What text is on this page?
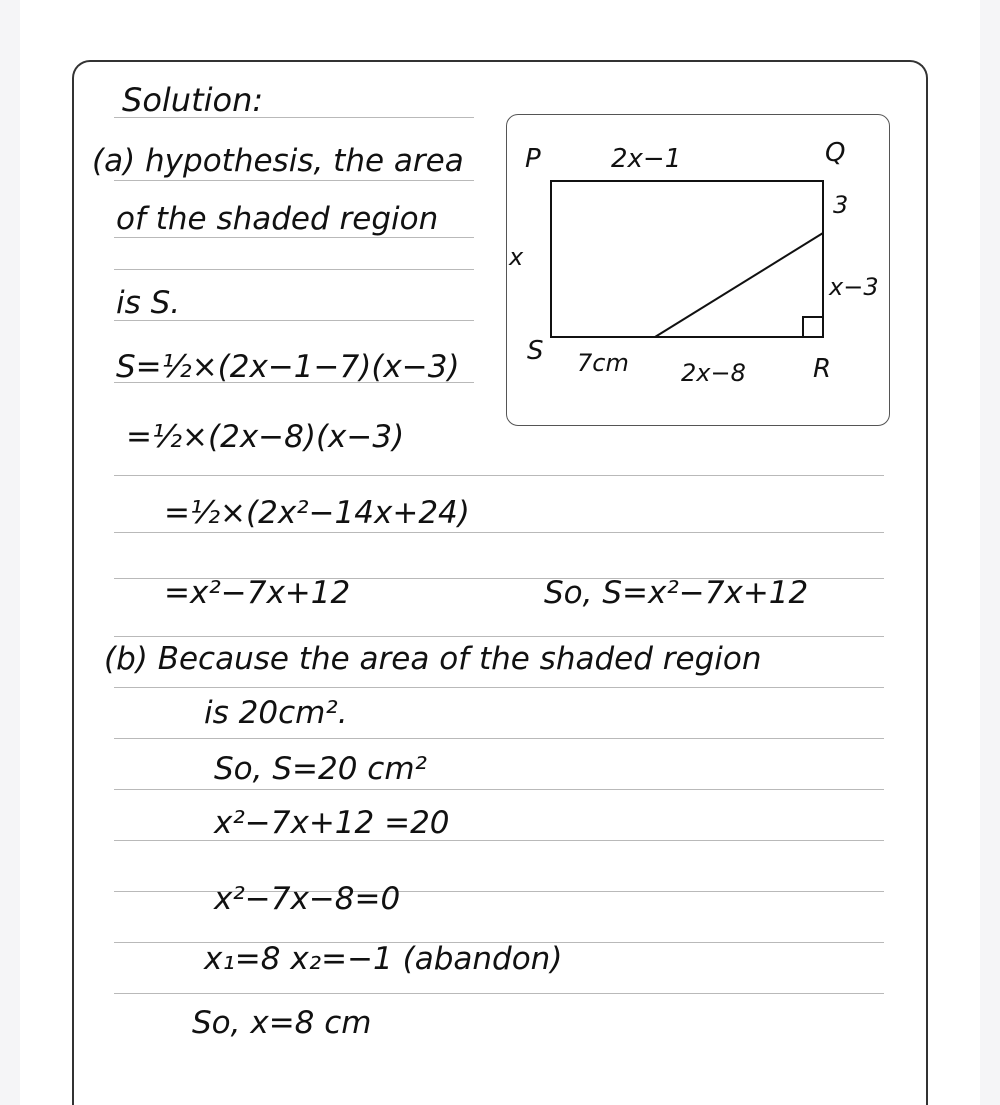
Solution:
(a) hypothesis, the area
of the shaded region
is S.
S=½×(2x−1−7)(x−3)
=½×(2x−8)(x−3)
=½×(2x²−14x+24)
=x²−7x+12	So, S=x²−7x+12
(b) Because the area of the shaded region
is 20cm².
So, S=20 cm²
x²−7x+12 =20
x²−7x−8=0
x₁=8 x₂=−1 (abandon)
So, x=8 cm
P	Q
R
S
2x−1
x
3
x−3
7cm 2x−8
